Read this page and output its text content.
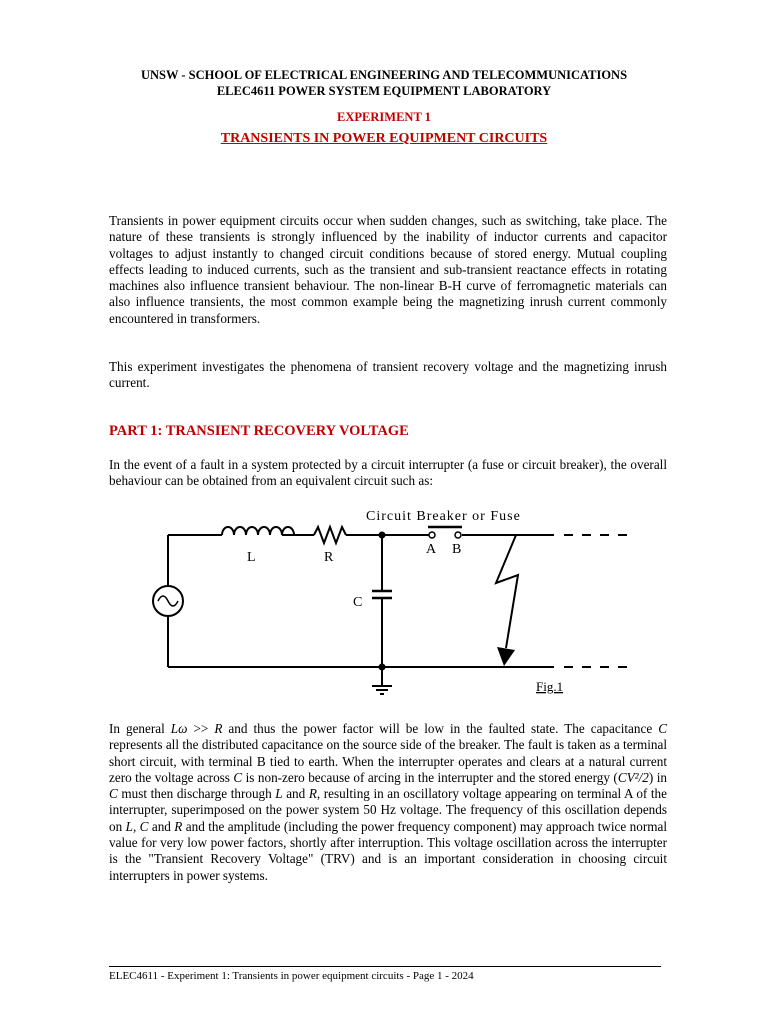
UNSW - SCHOOL OF ELECTRICAL ENGINEERING AND TELECOMMUNICATIONS
ELEC4611 POWER SYSTEM EQUIPMENT LABORATORY
EXPERIMENT 1
TRANSIENTS IN POWER EQUIPMENT CIRCUITS
Transients in power equipment circuits occur when sudden changes, such as switching, take place. The nature of these transients is strongly influenced by the inability of inductor currents and capacitor voltages to adjust instantly to changed circuit conditions because of stored energy. Mutual coupling effects leading to induced currents, such as the transient and sub-transient reactance effects in rotating machines also influence transient behaviour. The non-linear B-H curve of ferromagnetic materials can also influence transients, the most common example being the magnetizing inrush current commonly encountered in transformers.
This experiment investigates the phenomena of transient recovery voltage and the magnetizing inrush current.
PART 1: TRANSIENT RECOVERY VOLTAGE
In the event of a fault in a system protected by a circuit interrupter (a fuse or circuit breaker), the overall behaviour can be obtained from an equivalent circuit such as:
Circuit Breaker or Fuse
L	R
C
A B
Fig.1
In general Lω >> R and thus the power factor will be low in the faulted state. The capacitance C represents all the distributed capacitance on the source side of the breaker. The fault is taken as a terminal short circuit, with terminal B tied to earth. When the interrupter operates and clears at a natural current zero the voltage across C is non-zero because of arcing in the interrupter and the stored energy (CV²/2) in C must then discharge through L and R, resulting in an oscillatory voltage appearing on terminal A of the interrupter, superimposed on the power system 50 Hz voltage. The frequency of this oscillation depends on L, C and R and the amplitude (including the power frequency component) may approach twice normal value for very low power factors, shortly after interruption. This voltage oscillation across the interrupter is the "Transient Recovery Voltage" (TRV) and is an important consideration in choosing circuit interrupters in power systems.
ELEC4611 - Experiment 1: Transients in power equipment circuits - Page 1 - 2024
